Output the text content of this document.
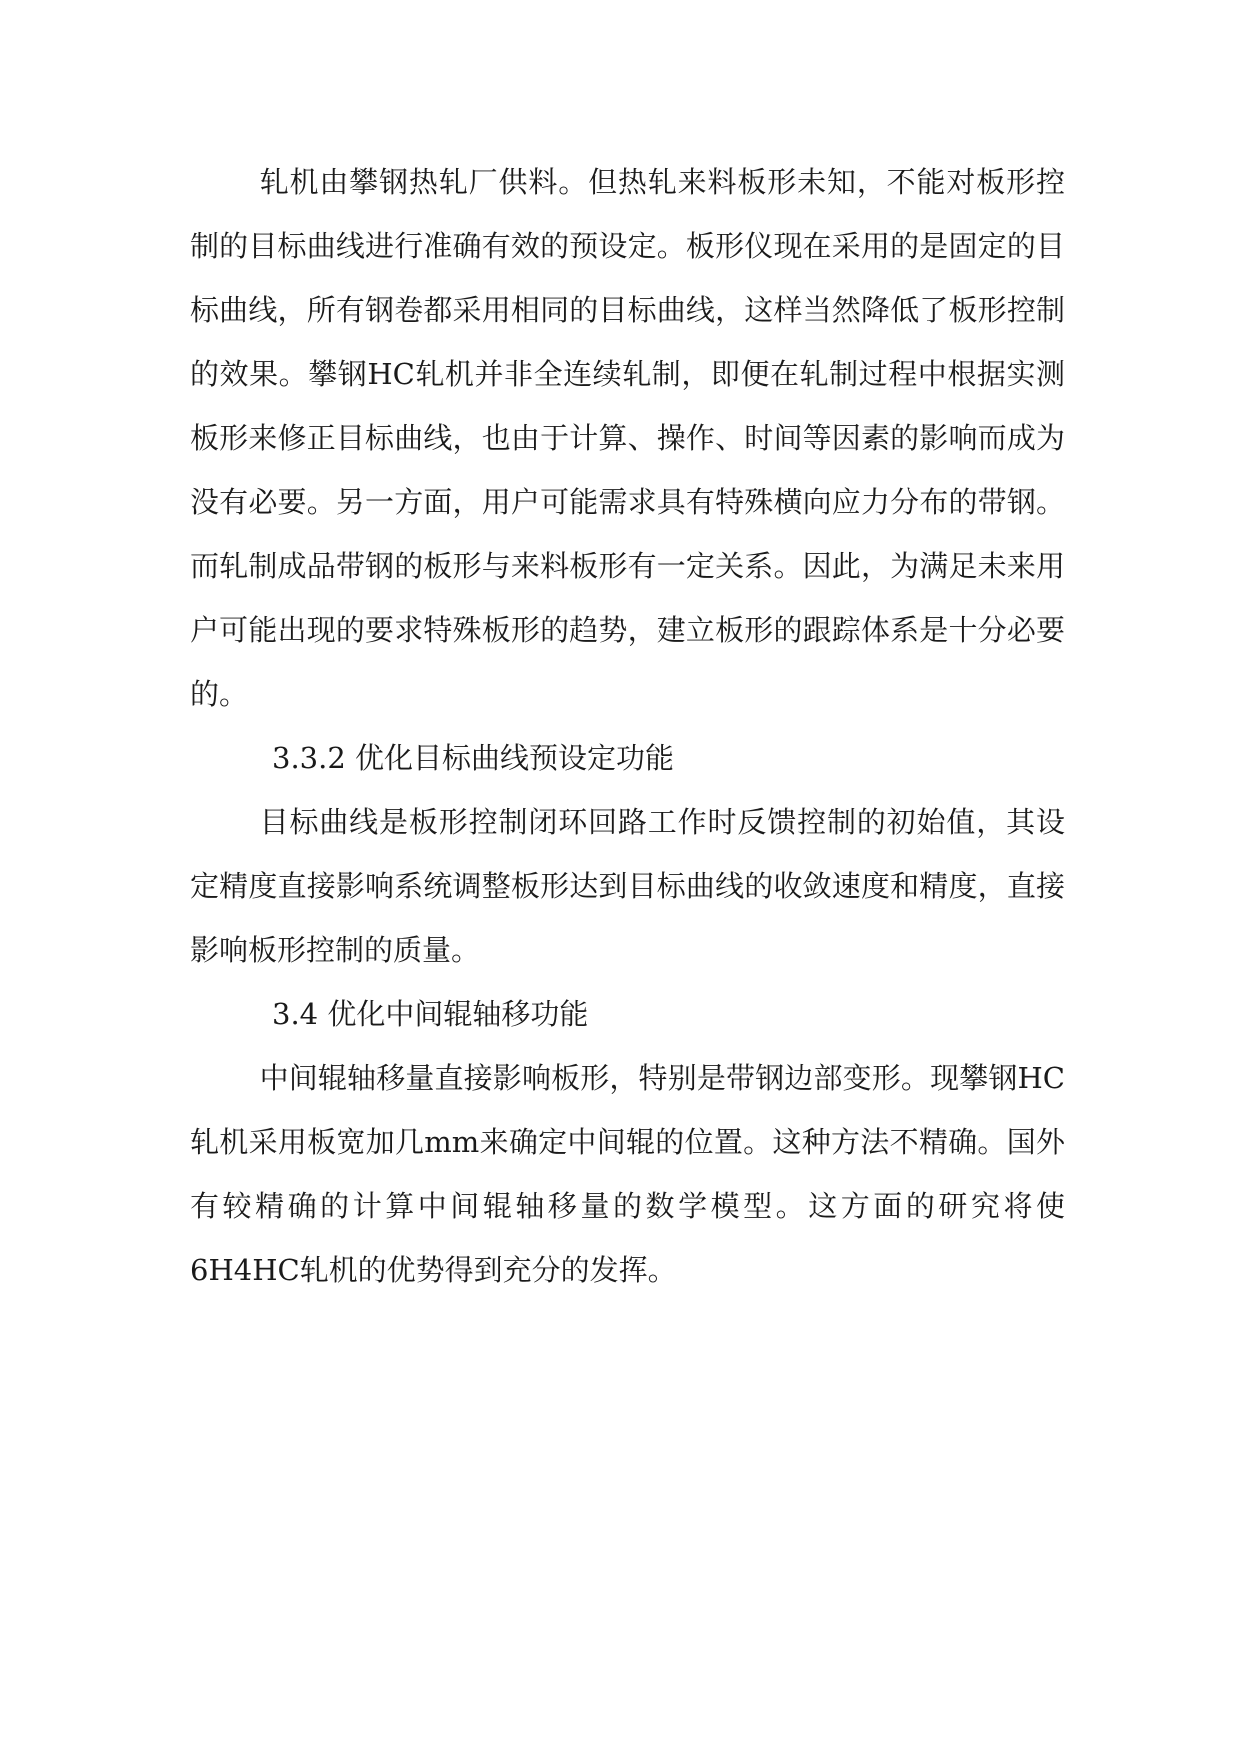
轧机由攀钢热轧厂供料。但热轧来料板形未知，不能对板形控制的目标曲线进行准确有效的预设定。板形仪现在采用的是固定的目标曲线，所有钢卷都采用相同的目标曲线，这样当然降低了板形控制的效果。攀钢HC轧机并非全连续轧制，即便在轧制过程中根据实测板形来修正目标曲线，也由于计算、操作、时间等因素的影响而成为没有必要。另一方面，用户可能需求具有特殊横向应力分布的带钢。而轧制成品带钢的板形与来料板形有一定关系。因此，为满足未来用户可能出现的要求特殊板形的趋势，建立板形的跟踪体系是十分必要的。

3.3.2 优化目标曲线预设定功能

目标曲线是板形控制闭环回路工作时反馈控制的初始值，其设定精度直接影响系统调整板形达到目标曲线的收敛速度和精度，直接影响板形控制的质量。

3.4 优化中间辊轴移功能

中间辊轴移量直接影响板形，特别是带钢边部变形。现攀钢HC轧机采用板宽加几mm来确定中间辊的位置。这种方法不精确。国外有较精确的计算中间辊轴移量的数学模型。这方面的研究将使6H4HC轧机的优势得到充分的发挥。
